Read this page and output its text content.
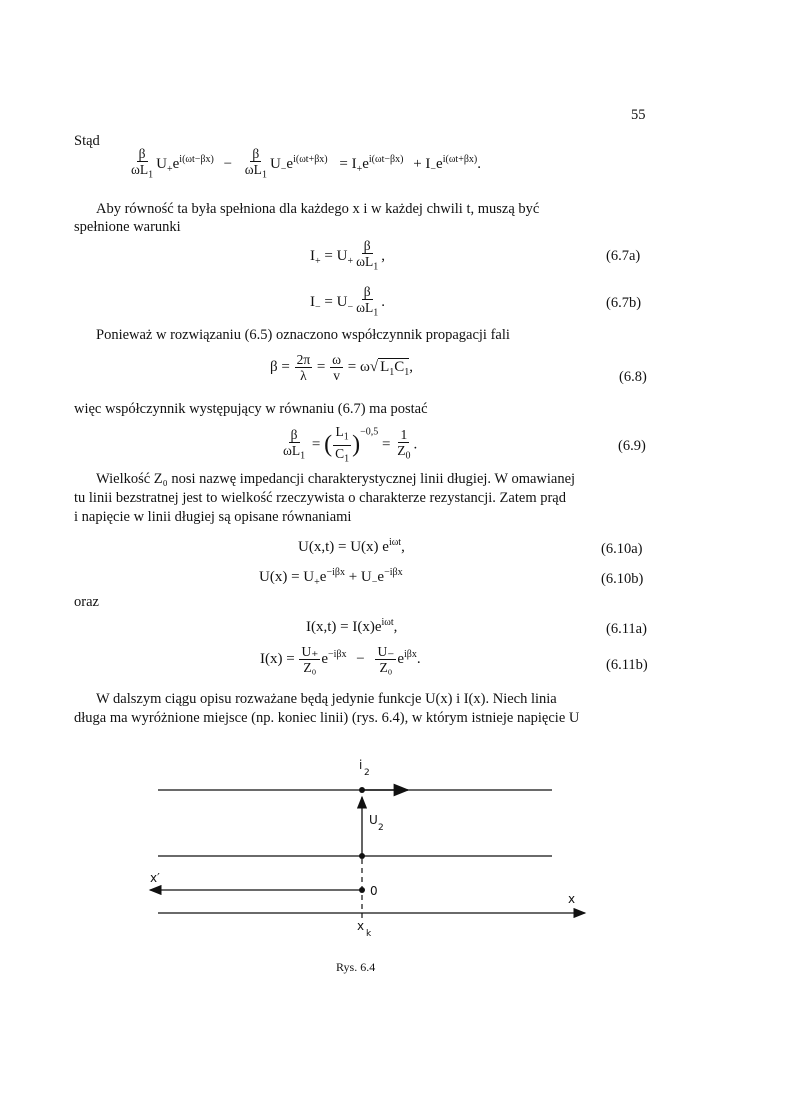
55
Stąd
$\frac{\beta}{\omega L_1} U_+e^{i(\omega t-\beta x)} - \frac{\beta}{\omega L_1} U_-e^{i(\omega t+\beta x)} = I_+e^{i(\omega t-\beta x)} + I_-e^{i(\omega t+\beta x)}$.
Aby równość ta była spełniona dla każdego x i w każdej chwili t, muszą być
spełnione warunki
$I_+ = U_+ \frac{\beta}{\omega L_1}$ ,	(6.7a)
$I_- = U_- \frac{\beta}{\omega L_1}$ .	(6.7b)
Ponieważ w rozwiązaniu (6.5) oznaczono współczynnik propagacji fali
$\beta = \frac{2\pi}{\lambda} = \frac{\omega}{v} = \omega√$ $L_1C_1$,
(6.8)
więc współczynnik występujący w równaniu (6.7) ma postać
$\frac{\beta}{\omega L_1}$ = ( $\frac{L_1}{C_1} )^{-0,5} = \frac{1}{Z_0}$ .	(6.9)
Wielkość Z₀ nosi nazwę impedancji charakterystycznej linii długiej. W omawianej
tu linii bezstratnej jest to wielkość rzeczywista o charakterze rezystancji. Zatem prąd
i napięcie w linii długiej są opisane równaniami
U(x,t) = U(x) $e^{i\omega t}$,	(6.10a)
$U(x) = U_+e^{-i\beta x} + U_-e^{-i\beta x}$	(6.10b)
oraz
$I(x,t) = I(x)e^{i\omega t}$,	(6.11a)
$I(x) = \frac{U_+}{\text{Z₀}} e^{-i\beta x} - \frac{U_-}{\text{Z₀}} e^{i\beta x}$.	(6.11b)
W dalszym ciągu opisu rozważane będą jedynie funkcje U(x) i I(x). Niech linia
długa ma wyróżnione miejsce (np. koniec linii) (rys. 6.4), w którym istnieje napięcie U
i
2
U
2
x′
0
x
x
k
Rys. 6.4
